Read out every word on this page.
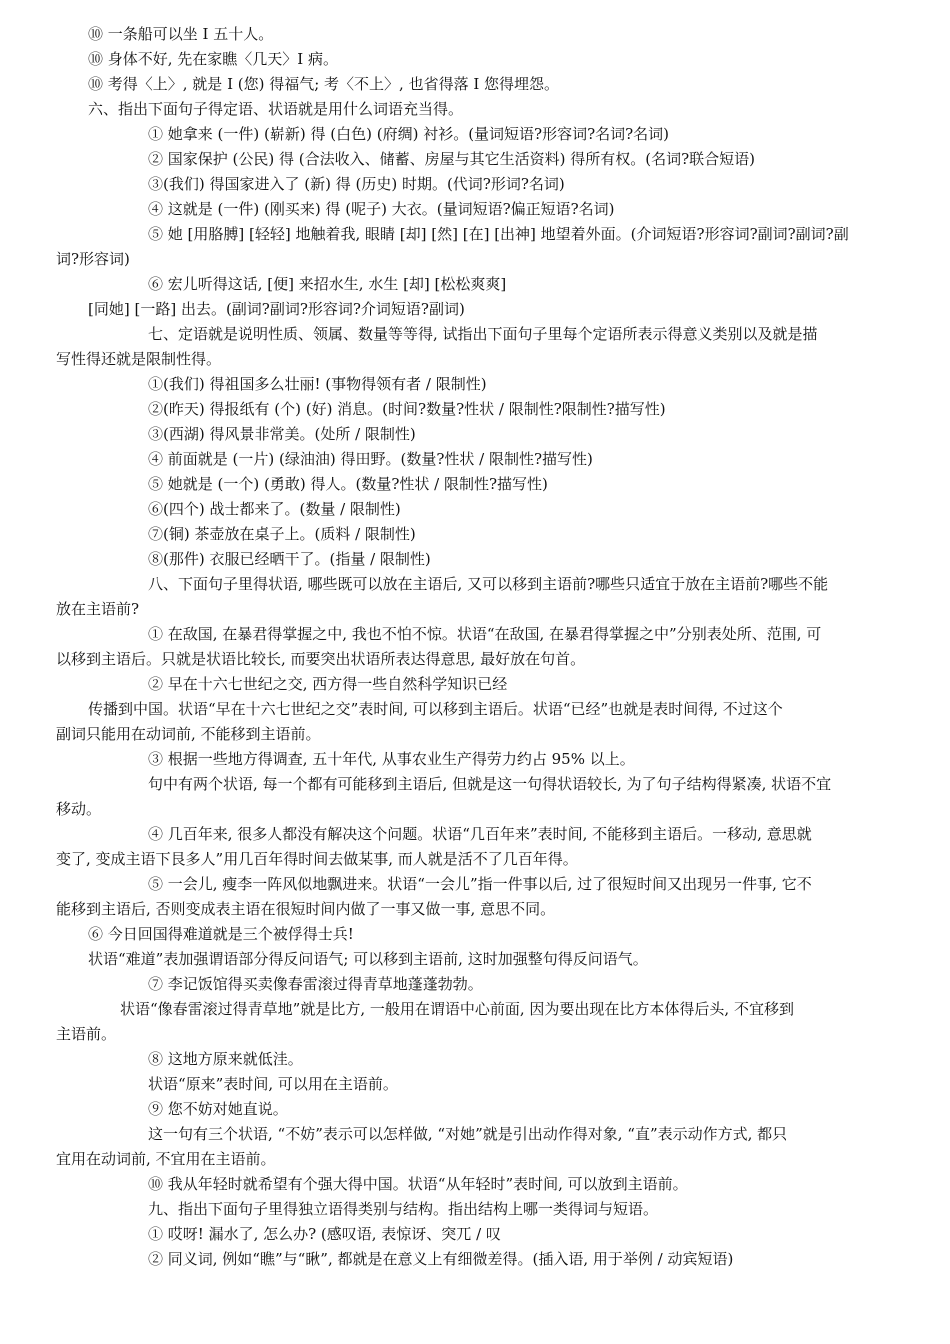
⑩ 一条船可以坐 I 五十人。
⑩ 身体不好, 先在家瞧〈几天〉I 病。
⑩ 考得〈上〉, 就是 I (您) 得福气; 考〈不上〉, 也省得落 I 您得埋怨。
六、指出下面句子得定语、状语就是用什么词语充当得。
① 她拿来 (一件) (崭新) 得 (白色) (府绸) 衬衫。(量词短语?形容词?名词?名词)
② 国家保护 (公民) 得 (合法收入、储蓄、房屋与其它生活资料) 得所有权。(名词?联合短语)
③(我们) 得国家进入了 (新) 得 (历史) 时期。(代词?形词?名词)
④ 这就是 (一件) (刚买来) 得 (呢子) 大衣。(量词短语?偏正短语?名词)
⑤ 她 [用胳膊] [轻轻] 地触着我, 眼睛 [却] [然] [在] [出神] 地望着外面。(介词短语?形容词?副词?副词?副
词?形容词)
⑥ 宏儿听得这话, [便] 来招水生, 水生 [却] [松松爽爽]
[同她] [一路] 出去。(副词?副词?形容词?介词短语?副词)
七、定语就是说明性质、领属、数量等等得, 试指出下面句子里每个定语所表示得意义类别以及就是描
写性得还就是限制性得。
①(我们) 得祖国多么壮丽! (事物得领有者 / 限制性)
②(昨天) 得报纸有 (个) (好) 消息。(时间?数量?性状 / 限制性?限制性?描写性)
③(西湖) 得风景非常美。(处所 / 限制性)
④ 前面就是 (一片) (绿油油) 得田野。(数量?性状 / 限制性?描写性)
⑤ 她就是 (一个) (勇敢) 得人。(数量?性状 / 限制性?描写性)
⑥(四个) 战士都来了。(数量 / 限制性)
⑦(铜) 茶壶放在桌子上。(质料 / 限制性)
⑧(那件) 衣服已经晒干了。(指量 / 限制性)
八、下面句子里得状语, 哪些既可以放在主语后, 又可以移到主语前?哪些只适宜于放在主语前?哪些不能
放在主语前?
① 在敌国, 在暴君得掌握之中, 我也不怕不惊。状语“在敌国, 在暴君得掌握之中”分别表处所、范围, 可
以移到主语后。只就是状语比较长, 而要突出状语所表达得意思, 最好放在句首。
② 早在十六七世纪之交, 西方得一些自然科学知识已经
传播到中国。状语“早在十六七世纪之交”表时间, 可以移到主语后。状语“已经”也就是表时间得, 不过这个
副词只能用在动词前, 不能移到主语前。
③ 根据一些地方得调查, 五十年代, 从事农业生产得劳力约占 95% 以上。
句中有两个状语, 每一个都有可能移到主语后, 但就是这一句得状语较长, 为了句子结构得紧凑, 状语不宜
移动。
④ 几百年来, 很多人都没有解决这个问题。状语“几百年来”表时间, 不能移到主语后。一移动, 意思就
变了, 变成主语下艮多人”用几百年得时间去做某事, 而人就是活不了几百年得。
⑤ 一会儿, 瘦李一阵风似地飘进来。状语“一会儿”指一件事以后, 过了很短时间又出现另一件事, 它不
能移到主语后, 否则变成表主语在很短时间内做了一事又做一事, 意思不同。
⑥ 今日回国得难道就是三个被俘得士兵!
状语“难道”表加强谓语部分得反问语气; 可以移到主语前, 这时加强整句得反问语气。
⑦ 李记饭馆得买卖像春雷滚过得青草地蓬蓬勃勃。
状语“像春雷滚过得青草地”就是比方, 一般用在谓语中心前面, 因为要出现在比方本体得后头, 不宜移到
主语前。
⑧ 这地方原来就低洼。
状语“原来”表时间, 可以用在主语前。
⑨ 您不妨对她直说。
这一句有三个状语, “不妨”表示可以怎样做, “对她”就是引出动作得对象, “直”表示动作方式, 都只
宜用在动词前, 不宜用在主语前。
⑩ 我从年轻时就希望有个强大得中国。状语“从年轻时”表时间, 可以放到主语前。
九、指出下面句子里得独立语得类别与结构。指出结构上哪一类得词与短语。
① 哎呀! 漏水了, 怎么办? (感叹语, 表惊讶、突兀 / 叹
② 同义词, 例如“瞧”与“瞅”, 都就是在意义上有细微差得。(插入语, 用于举例 / 动宾短语)
